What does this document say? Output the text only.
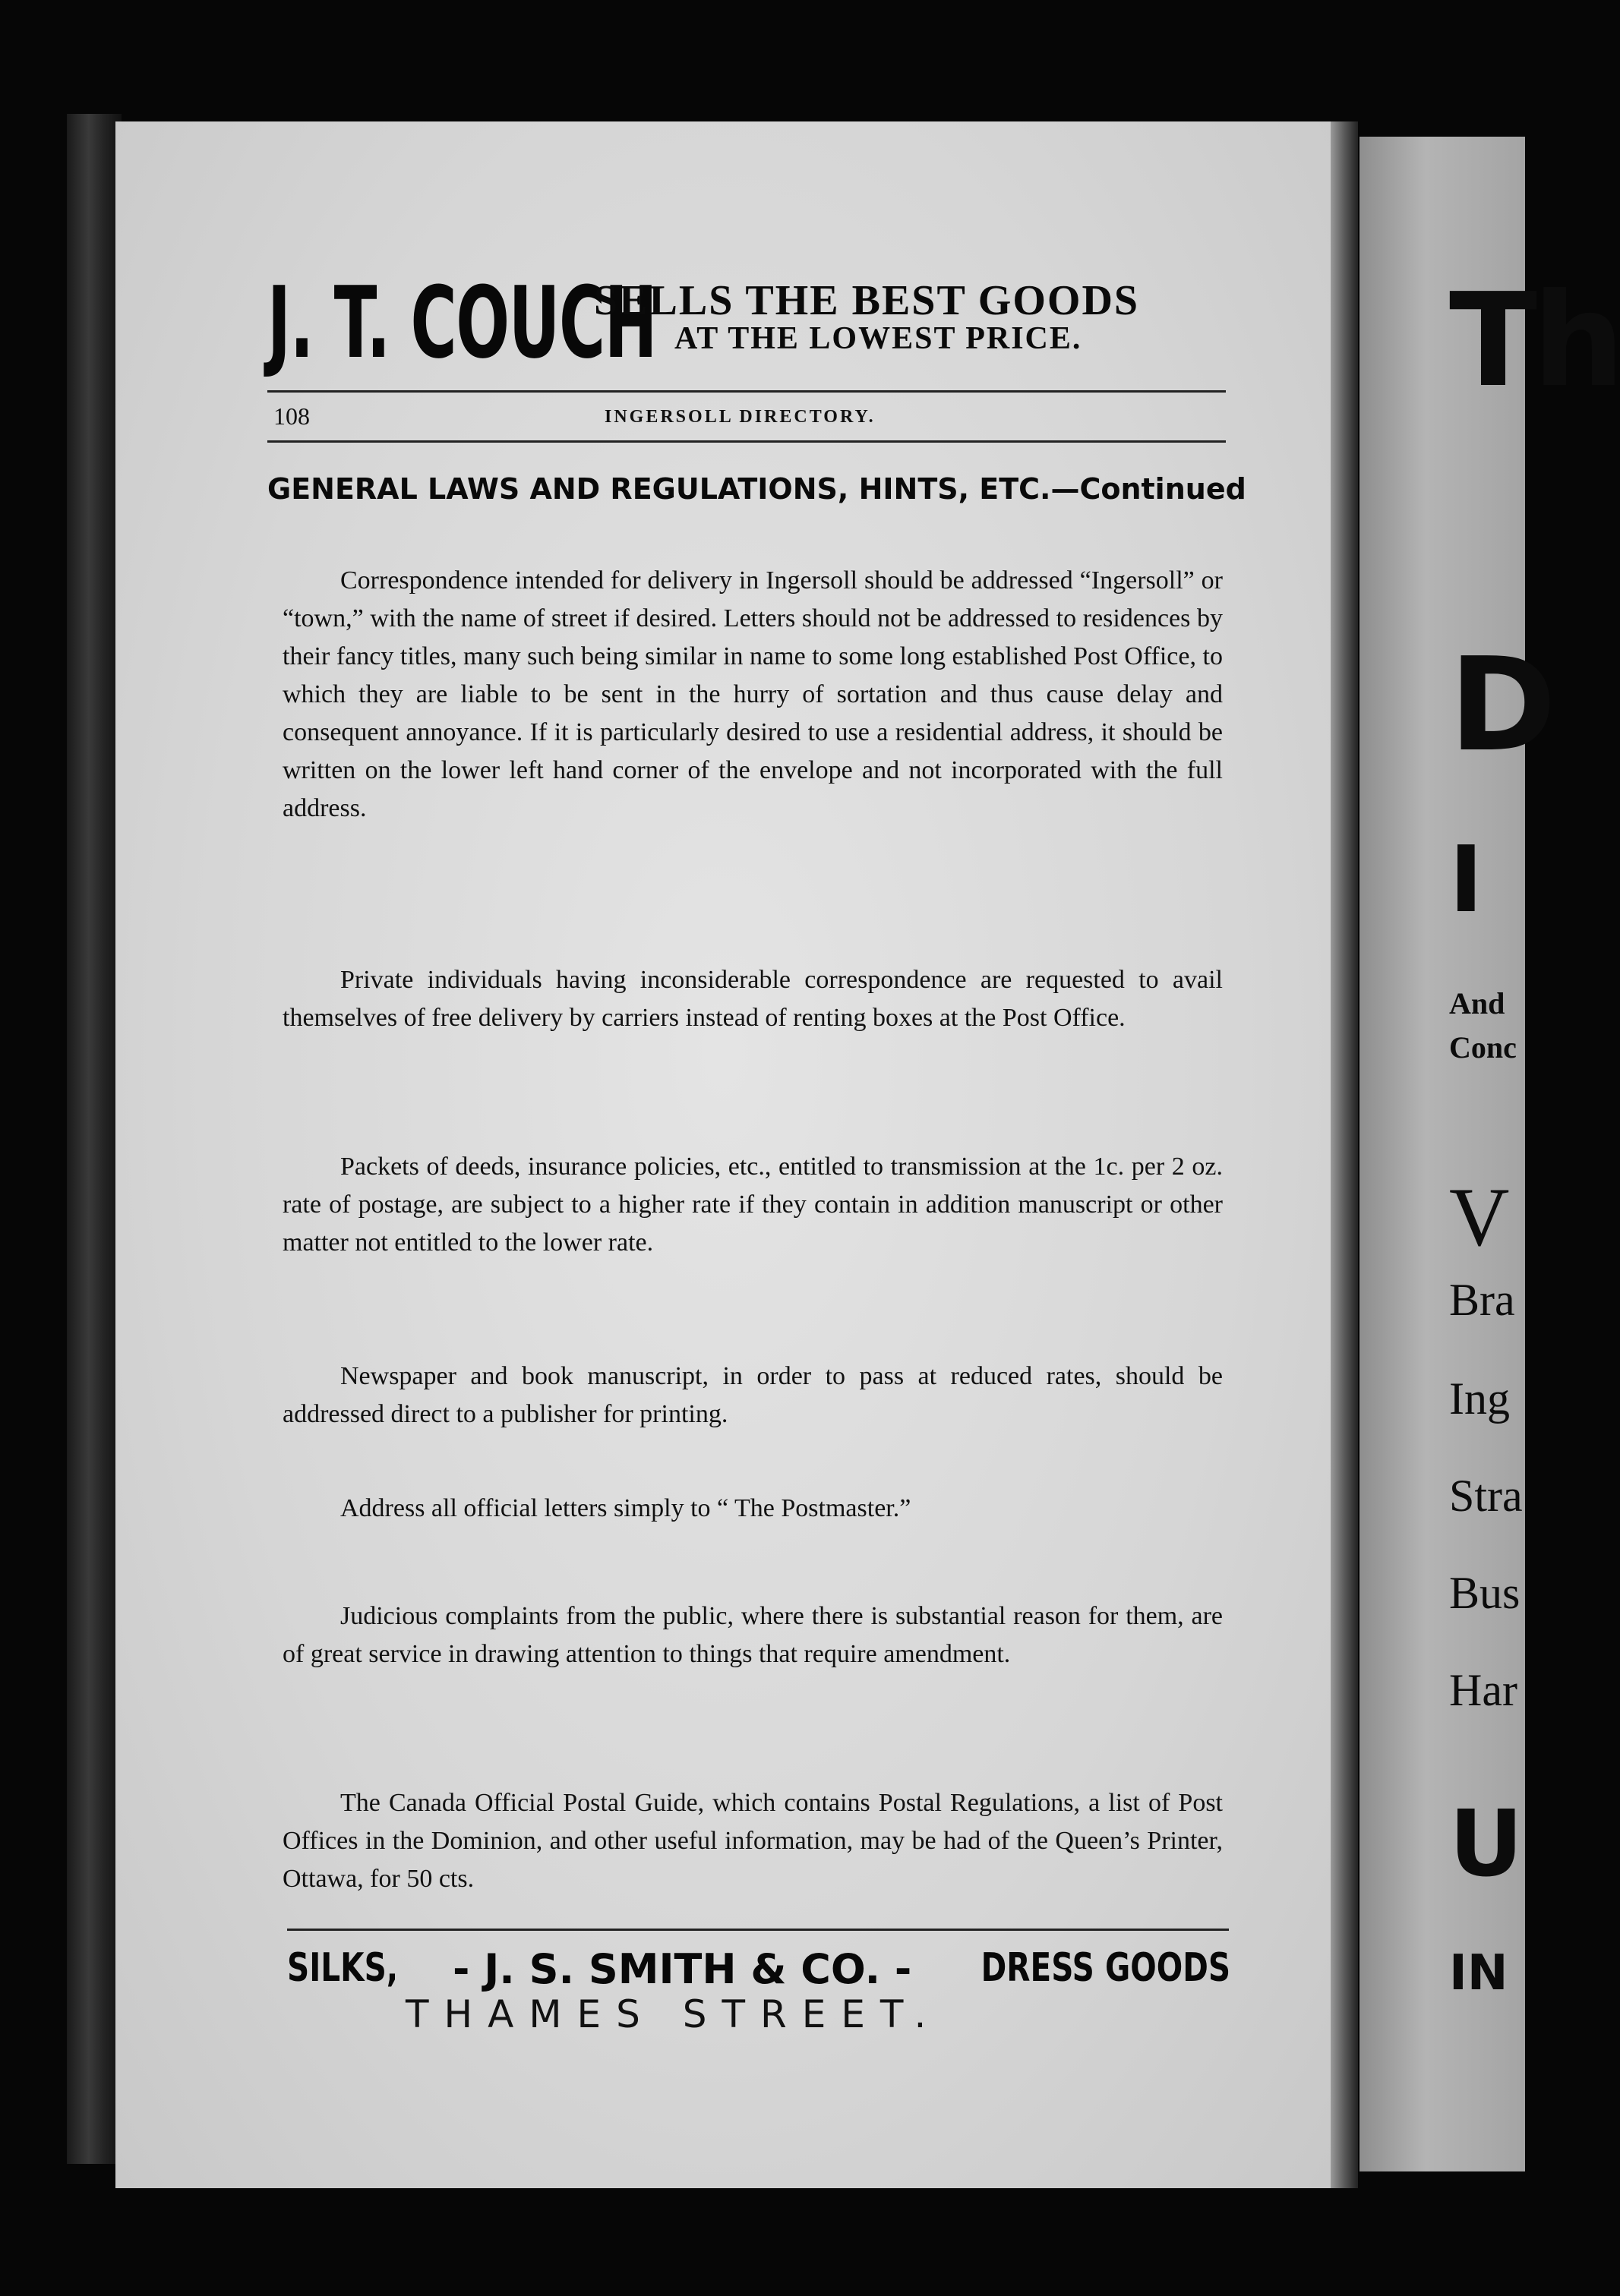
Th
D
I
And
Conc
V
Bra
Ing
Stra
Bus
Har
U
IN
J. T. COUCH
SELLS THE BEST GOODS
AT THE LOWEST PRICE.
108	INGERSOLL DIRECTORY.
GENERAL LAWS AND REGULATIONS, HINTS, ETC.—Continued
Correspondence intended for delivery in Ingersoll should be addressed “Ingersoll” or “town,” with the name of street if desired. Letters should not be addressed to residences by their fancy titles, many such being similar in name to some long established Post Office, to which they are liable to be sent in the hurry of sortation and thus cause delay and consequent annoyance. If it is particularly desired to use a residential address, it should be written on the lower left hand corner of the envelope and not incorporated with the full address.
Private individuals having inconsiderable correspondence are requested to avail themselves of free delivery by carriers instead of renting boxes at the Post Office.
Packets of deeds, insurance policies, etc., entitled to transmission at the 1c. per 2 oz. rate of postage, are subject to a higher rate if they contain in addition manuscript or other matter not entitled to the lower rate.
Newspaper and book manuscript, in order to pass at reduced rates, should be addressed direct to a publisher for printing.
Address all official letters simply to “ The Postmaster.”
Judicious complaints from the public, where there is substantial reason for them, are of great service in drawing attention to things that require amendment.
The Canada Official Postal Guide, which contains Postal Regulations, a list of Post Offices in the Dominion, and other useful information, may be had of the Queen’s Printer, Ottawa, for 50 cts.
SILKS, - J. S. SMITH & CO. - DRESS GOODS
THAMES STREET.
